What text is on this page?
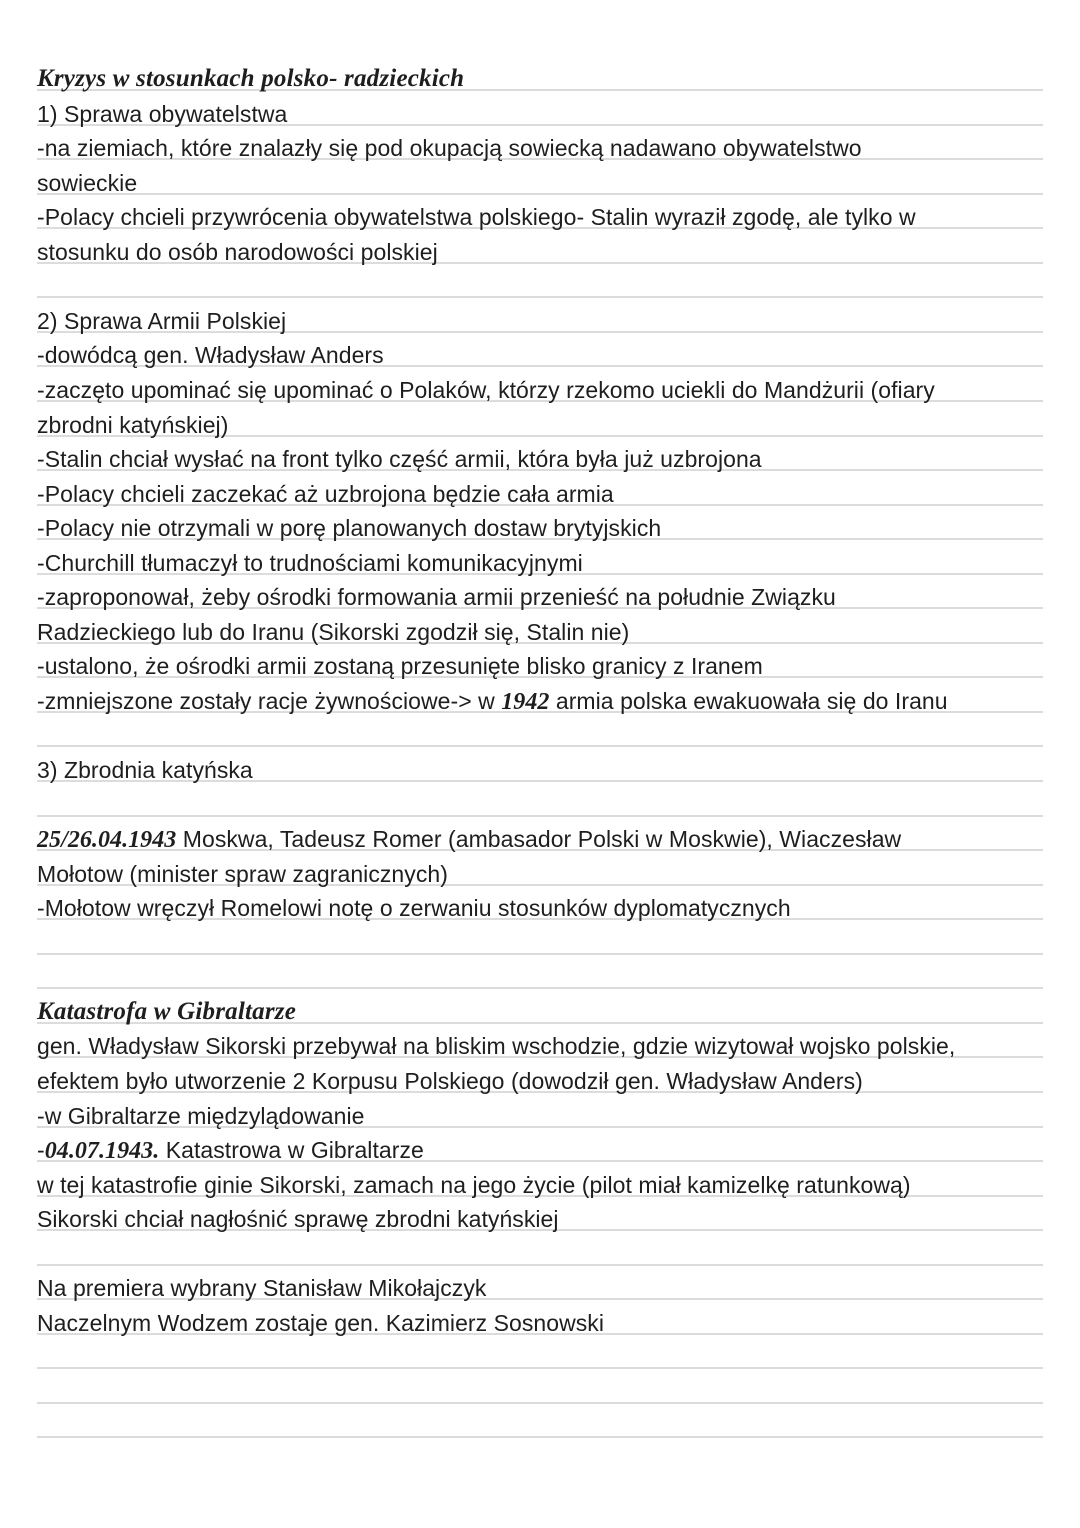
Kryzys w stosunkach polsko- radzieckich
1) Sprawa obywatelstwa
-na ziemiach, które znalazły się pod okupacją sowiecką nadawano obywatelstwo
sowieckie
-Polacy chcieli przywrócenia obywatelstwa polskiego- Stalin wyraził zgodę, ale tylko w
stosunku do osób narodowości polskiej
2) Sprawa Armii Polskiej
-dowódcą gen. Władysław Anders
-zaczęto upominać się upominać o Polaków, którzy rzekomo uciekli do Mandżurii (ofiary
zbrodni katyńskiej)
-Stalin chciał wysłać na front tylko część armii, która była już uzbrojona
-Polacy chcieli zaczekać aż uzbrojona będzie cała armia
-Polacy nie otrzymali w porę planowanych dostaw brytyjskich
-Churchill tłumaczył to trudnościami komunikacyjnymi
-zaproponował, żeby ośrodki formowania armii przenieść na południe Związku
Radzieckiego lub do Iranu (Sikorski zgodził się, Stalin nie)
-ustalono, że ośrodki armii zostaną przesunięte blisko granicy z Iranem
-zmniejszone zostały racje żywnościowe-> w 1942 armia polska ewakuowała się do Iranu
3) Zbrodnia katyńska
25/26.04.1943 Moskwa, Tadeusz Romer (ambasador Polski w Moskwie), Wiaczesław
Mołotow (minister spraw zagranicznych)
-Mołotow wręczył Romelowi notę o zerwaniu stosunków dyplomatycznych
Katastrofa w Gibraltarze
gen. Władysław Sikorski przebywał na bliskim wschodzie, gdzie wizytował wojsko polskie,
efektem było utworzenie 2 Korpusu Polskiego (dowodził gen. Władysław Anders)
-w Gibraltarze międzylądowanie
-04.07.1943. Katastrowa w Gibraltarze
w tej katastrofie ginie Sikorski, zamach na jego życie (pilot miał kamizelkę ratunkową)
Sikorski chciał nagłośnić sprawę zbrodni katyńskiej
Na premiera wybrany Stanisław Mikołajczyk
Naczelnym Wodzem zostaje gen. Kazimierz Sosnowski
